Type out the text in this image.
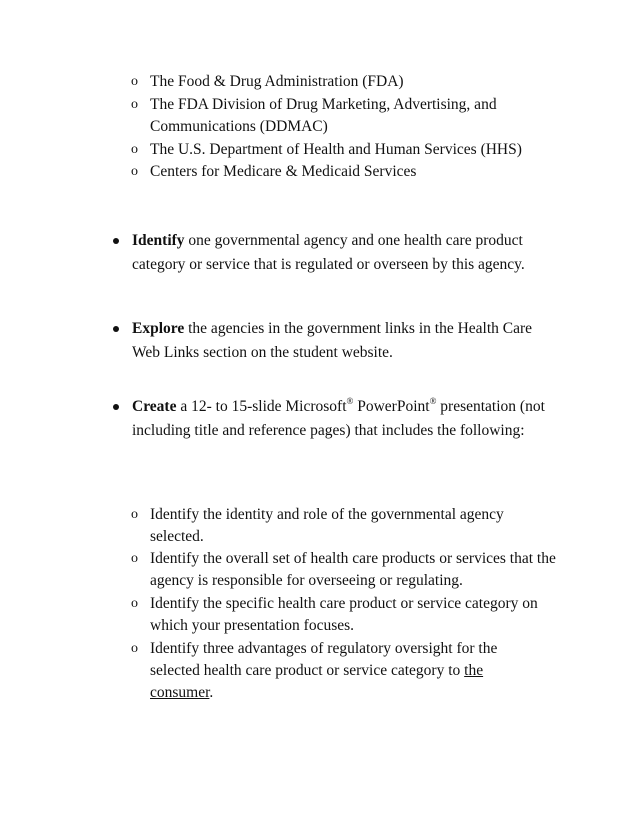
o The Food & Drug Administration (FDA)
o The FDA Division of Drug Marketing, Advertising, and Communications (DDMAC)
o The U.S. Department of Health and Human Services (HHS)
o Centers for Medicare & Medicaid Services
Identify one governmental agency and one health care product category or service that is regulated or overseen by this agency.
Explore the agencies in the government links in the Health Care Web Links section on the student website.
Create a 12- to 15-slide Microsoft® PowerPoint® presentation (not including title and reference pages) that includes the following:
o Identify the identity and role of the governmental agency selected.
o Identify the overall set of health care products or services that the agency is responsible for overseeing or regulating.
o Identify the specific health care product or service category on which your presentation focuses.
o Identify three advantages of regulatory oversight for the selected health care product or service category to the consumer.
